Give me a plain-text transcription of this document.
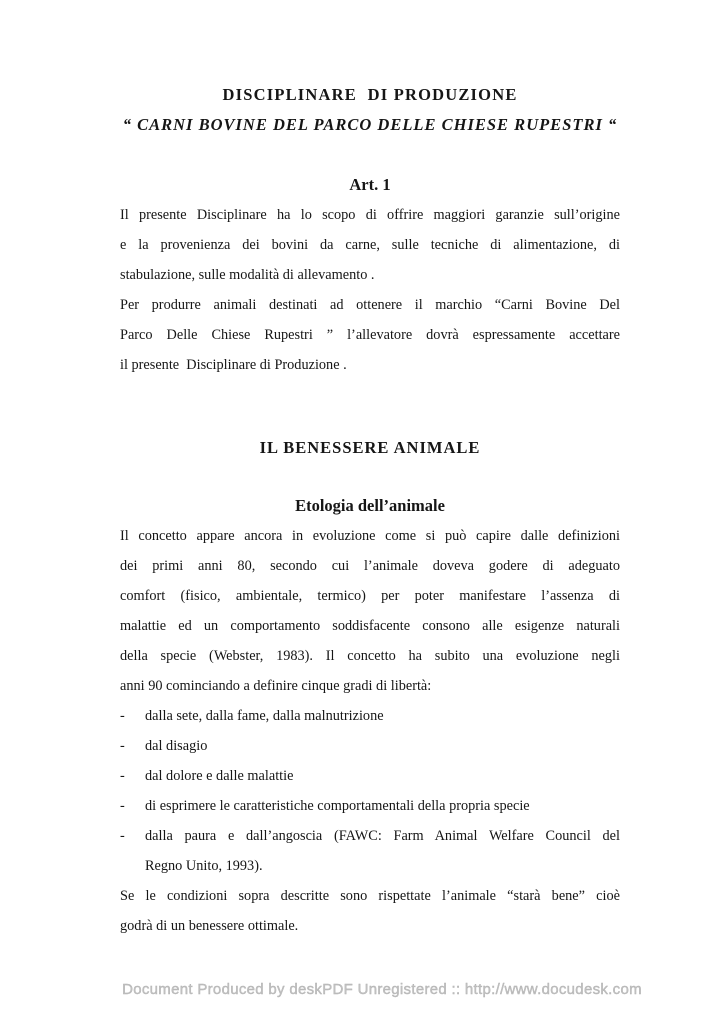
DISCIPLINARE  DI PRODUZIONE
“ CARNI BOVINE DEL PARCO DELLE CHIESE RUPESTRI “
Art. 1
Il presente Disciplinare ha lo scopo di offrire maggiori garanzie sull’origine
e la provenienza dei bovini da carne, sulle tecniche di alimentazione, di
stabulazione, sulle modalità di allevamento .
Per produrre animali destinati ad ottenere il marchio “Carni Bovine Del
Parco Delle Chiese Rupestri ” l’allevatore dovrà espressamente accettare
il presente  Disciplinare di Produzione .
IL BENESSERE ANIMALE
Etologia dell’animale
Il concetto appare ancora in evoluzione come si può capire dalle definizioni
dei primi anni 80, secondo cui l’animale doveva godere di adeguato
comfort (fisico, ambientale, termico) per poter manifestare l’assenza di
malattie ed un comportamento soddisfacente consono alle esigenze naturali
della specie (Webster, 1983). Il concetto ha subito una evoluzione negli
anni 90 cominciando a definire cinque gradi di libertà:
-	dalla sete, dalla fame, dalla malnutrizione
-	dal disagio
-	dal dolore e dalle malattie
-	di esprimere le caratteristiche comportamentali della propria specie
-	dalla paura e dall’angoscia (FAWC: Farm Animal Welfare Council del
Regno Unito, 1993).
Se le condizioni sopra descritte sono rispettate l’animale “starà bene” cioè
godrà di un benessere ottimale.
Document Produced by deskPDF Unregistered :: http://www.docudesk.com
